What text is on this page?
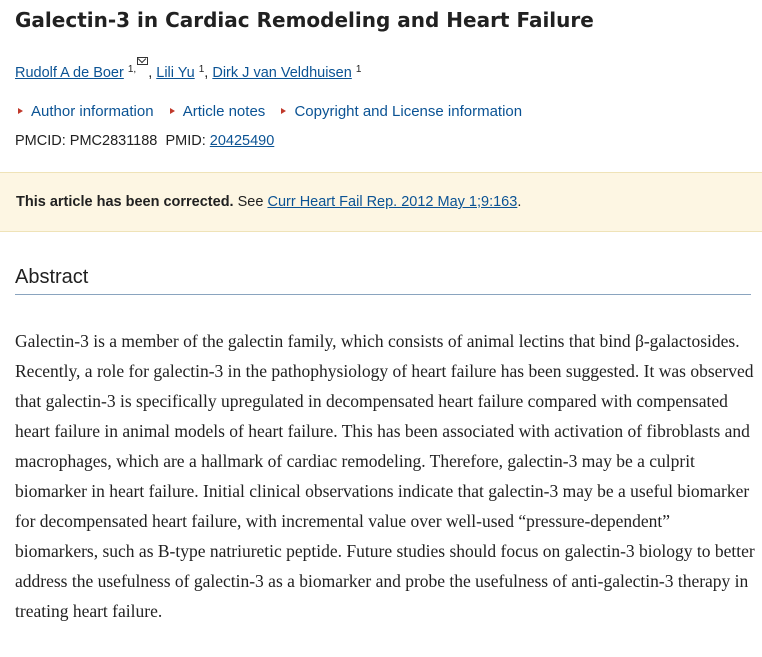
Galectin-3 in Cardiac Remodeling and Heart Failure
Rudolf A de Boer $^{1,}$ , Lili Yu $^1$, Dirk J van Veldhuisen $^1$
Author information Article notes Copyright and License information
PMCID: PMC2831188 PMID: 20425490
This article has been corrected. See Curr Heart Fail Rep. 2012 May 1;9:163.
Abstract

Galectin-3 is a member of the galectin family, which consists of animal lectins that bind β-galactosides. Recently, a role for galectin-3 in the pathophysiology of heart failure has been suggested. It was observed that galectin-3 is specifically upregulated in decompensated heart failure compared with compensated heart failure in animal models of heart failure. This has been associated with activation of fibroblasts and macrophages, which are a hallmark of cardiac remodeling. Therefore, galectin-3 may be a culprit biomarker in heart failure. Initial clinical observations indicate that galectin-3 may be a useful biomarker for decompensated heart failure, with incremental value over well-used “pressure-dependent” biomarkers, such as B-type natriuretic peptide. Future studies should focus on galectin-3 biology to better address the usefulness of galectin-3 as a biomarker and probe the usefulness of anti-galectin-3 therapy in treating heart failure.
